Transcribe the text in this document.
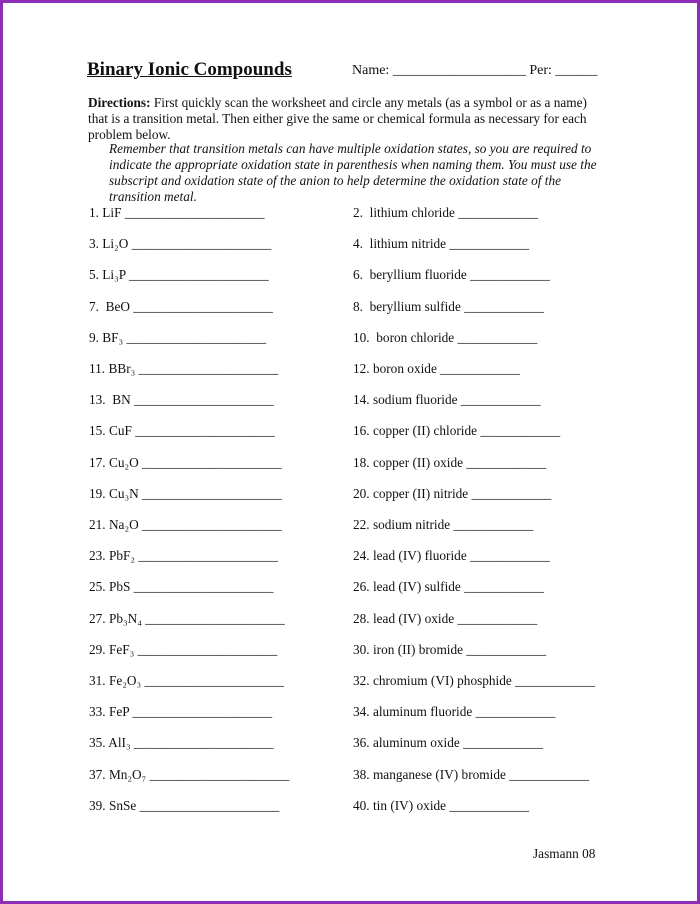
Binary Ionic Compounds	Name: ___________________ Per: ______
Directions: First quickly scan the worksheet and circle any metals (as a symbol or as a name) that is a transition metal. Then either give the same or chemical formula as necessary for each problem below.
Remember that transition metals can have multiple oxidation states, so you are required to indicate the appropriate oxidation state in parenthesis when naming them. You must use the subscript and oxidation state of the anion to help determine the oxidation state of the transition metal.
1. LiF _____________________
3. Li₂O _____________________
5. Li₃P _____________________
7.  BeO _____________________
9. BF₃ _____________________
11. BBr₃ _____________________
13.  BN _____________________
15. CuF _____________________
17. Cu₂O _____________________
19. Cu₃N _____________________
21. Na₂O _____________________
23. PbF₂ _____________________
25. PbS _____________________
27. Pb₃N₄ _____________________
29. FeF₃ _____________________
31. Fe₂O₃ _____________________
33. FeP _____________________
35. AlI₃ _____________________
37. Mn₂O₇ _____________________
39. SnSe _____________________
2.  lithium chloride ____________
4.  lithium nitride ____________
6.  beryllium fluoride ____________
8.  beryllium sulfide ____________
10.  boron chloride ____________
12. boron oxide ____________
14. sodium fluoride ____________
16. copper (II) chloride ____________
18. copper (II) oxide ____________
20. copper (II) nitride ____________
22. sodium nitride ____________
24. lead (IV) fluoride ____________
26. lead (IV) sulfide ____________
28. lead (IV) oxide ____________
30. iron (II) bromide ____________
32. chromium (VI) phosphide ____________
34. aluminum fluoride ____________
36. aluminum oxide ____________
38. manganese (IV) bromide ____________
40. tin (IV) oxide ____________
Jasmann 08
